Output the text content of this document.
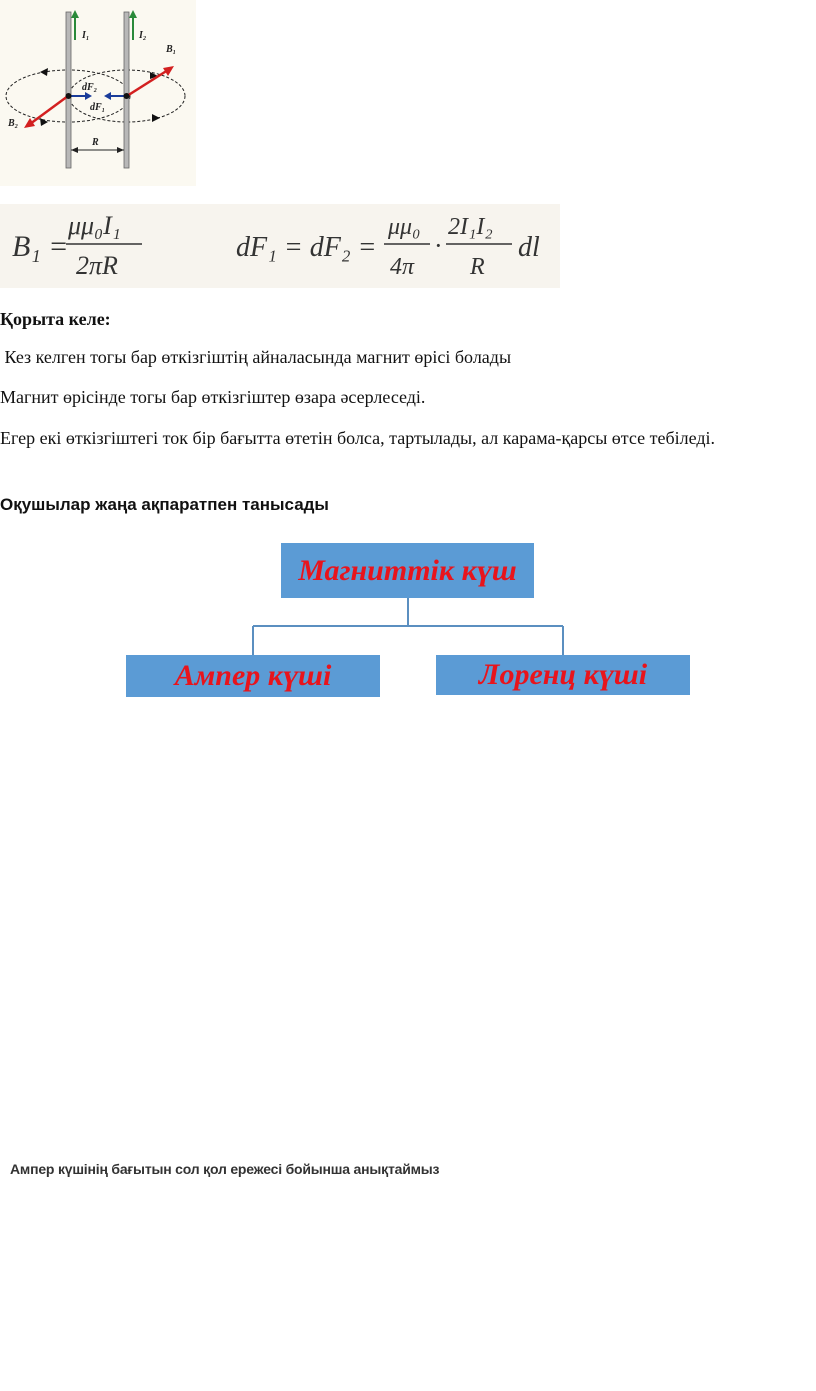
I₁	I₂
B₁
B₂
dF₂
dF₁
R
B₁ =
μμ₀I₁
2πR
dF₁ = dF₂ =
μμ₀
4π
·
2I₁I₂
R
dl

Қорыта келе:

Кез келген тогы бар өткізгіштің айналасында магнит өрісі болады

Магнит өрісінде тогы бар өткізгіштер өзара әсерлеседі.

Егер екі өткізгіштегі ток бір бағытта өтетін болса, тартылады, ал карама-қарсы өтсе тебіледі.

Оқушылар жаңа ақпаратпен танысады

Магниттік күш
Ампер күші	Лоренц күші
Ампер күшінің бағытын сол қол ережесі бойынша анықтаймыз
